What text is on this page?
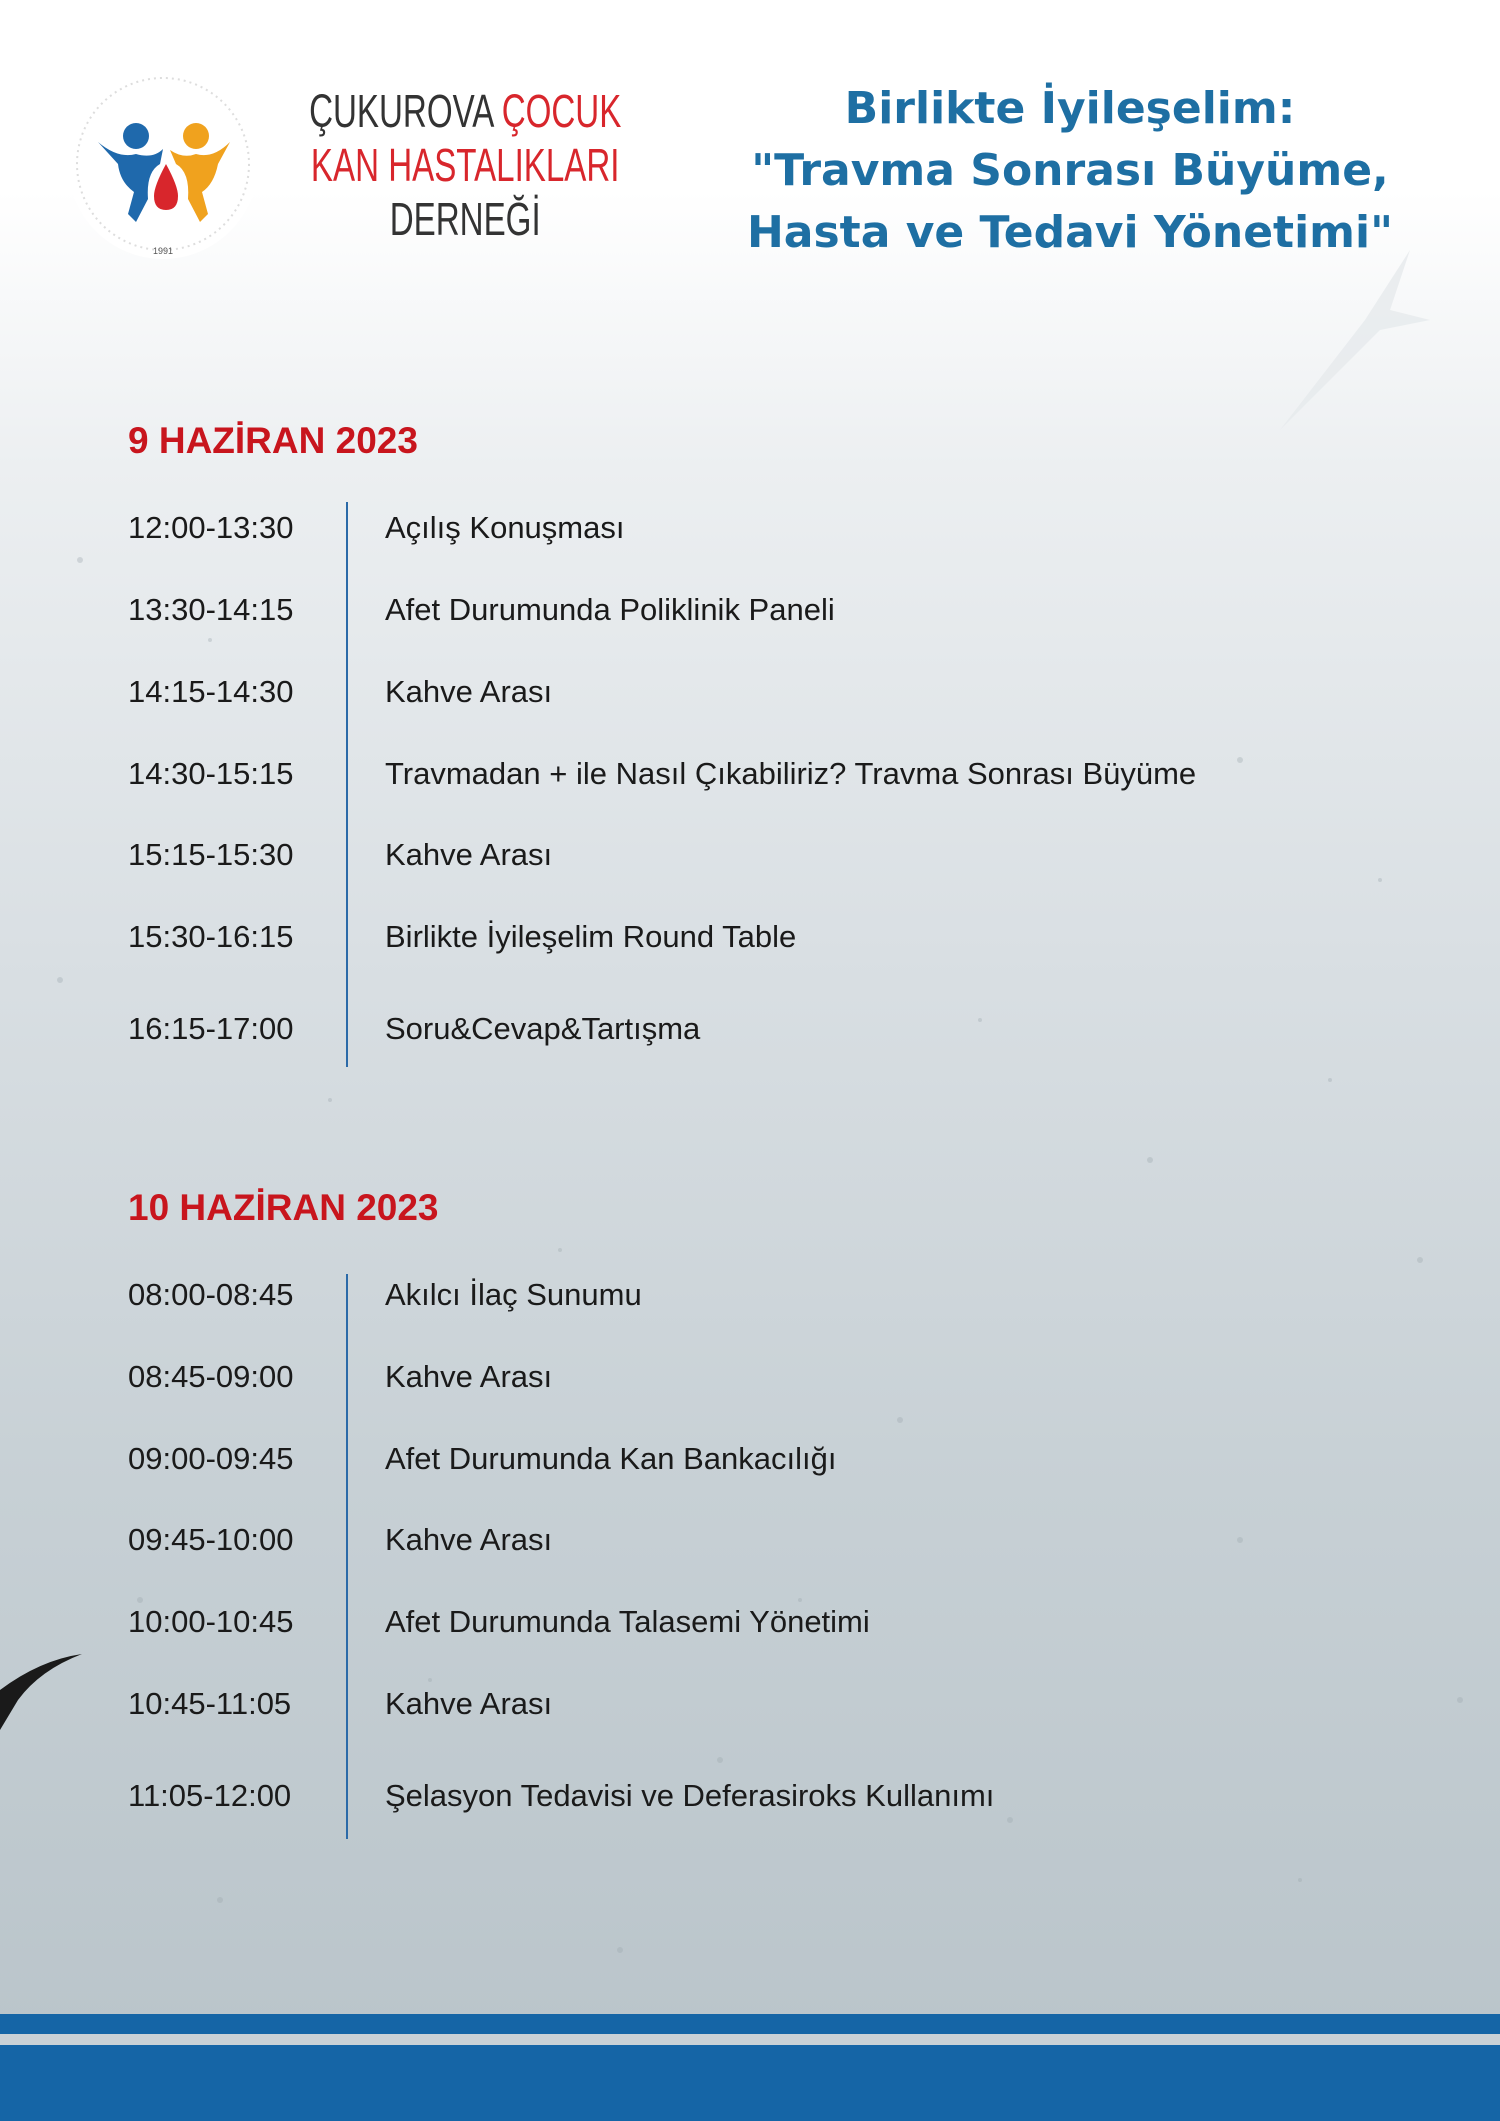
1991
ÇUKUROVA ÇOCUK
KAN HASTALIKLARI
DERNEĞİ
Birlikte İyileşelim:
"Travma Sonrası Büyüme,
Hasta ve Tedavi Yönetimi"
9 HAZİRAN 2023
12:00-13:30	Açılış Konuşması
13:30-14:15	Afet Durumunda Poliklinik Paneli
14:15-14:30	Kahve Arası
14:30-15:15	Travmadan + ile Nasıl Çıkabiliriz? Travma Sonrası Büyüme
15:15-15:30	Kahve Arası
15:30-16:15	Birlikte İyileşelim Round Table
16:15-17:00	Soru&Cevap&Tartışma
10 HAZİRAN 2023
08:00-08:45	Akılcı İlaç Sunumu
08:45-09:00	Kahve Arası
09:00-09:45	Afet Durumunda Kan Bankacılığı
09:45-10:00	Kahve Arası
10:00-10:45	Afet Durumunda Talasemi Yönetimi
10:45-11:05	Kahve Arası
11:05-12:00	Şelasyon Tedavisi ve Deferasiroks Kullanımı
